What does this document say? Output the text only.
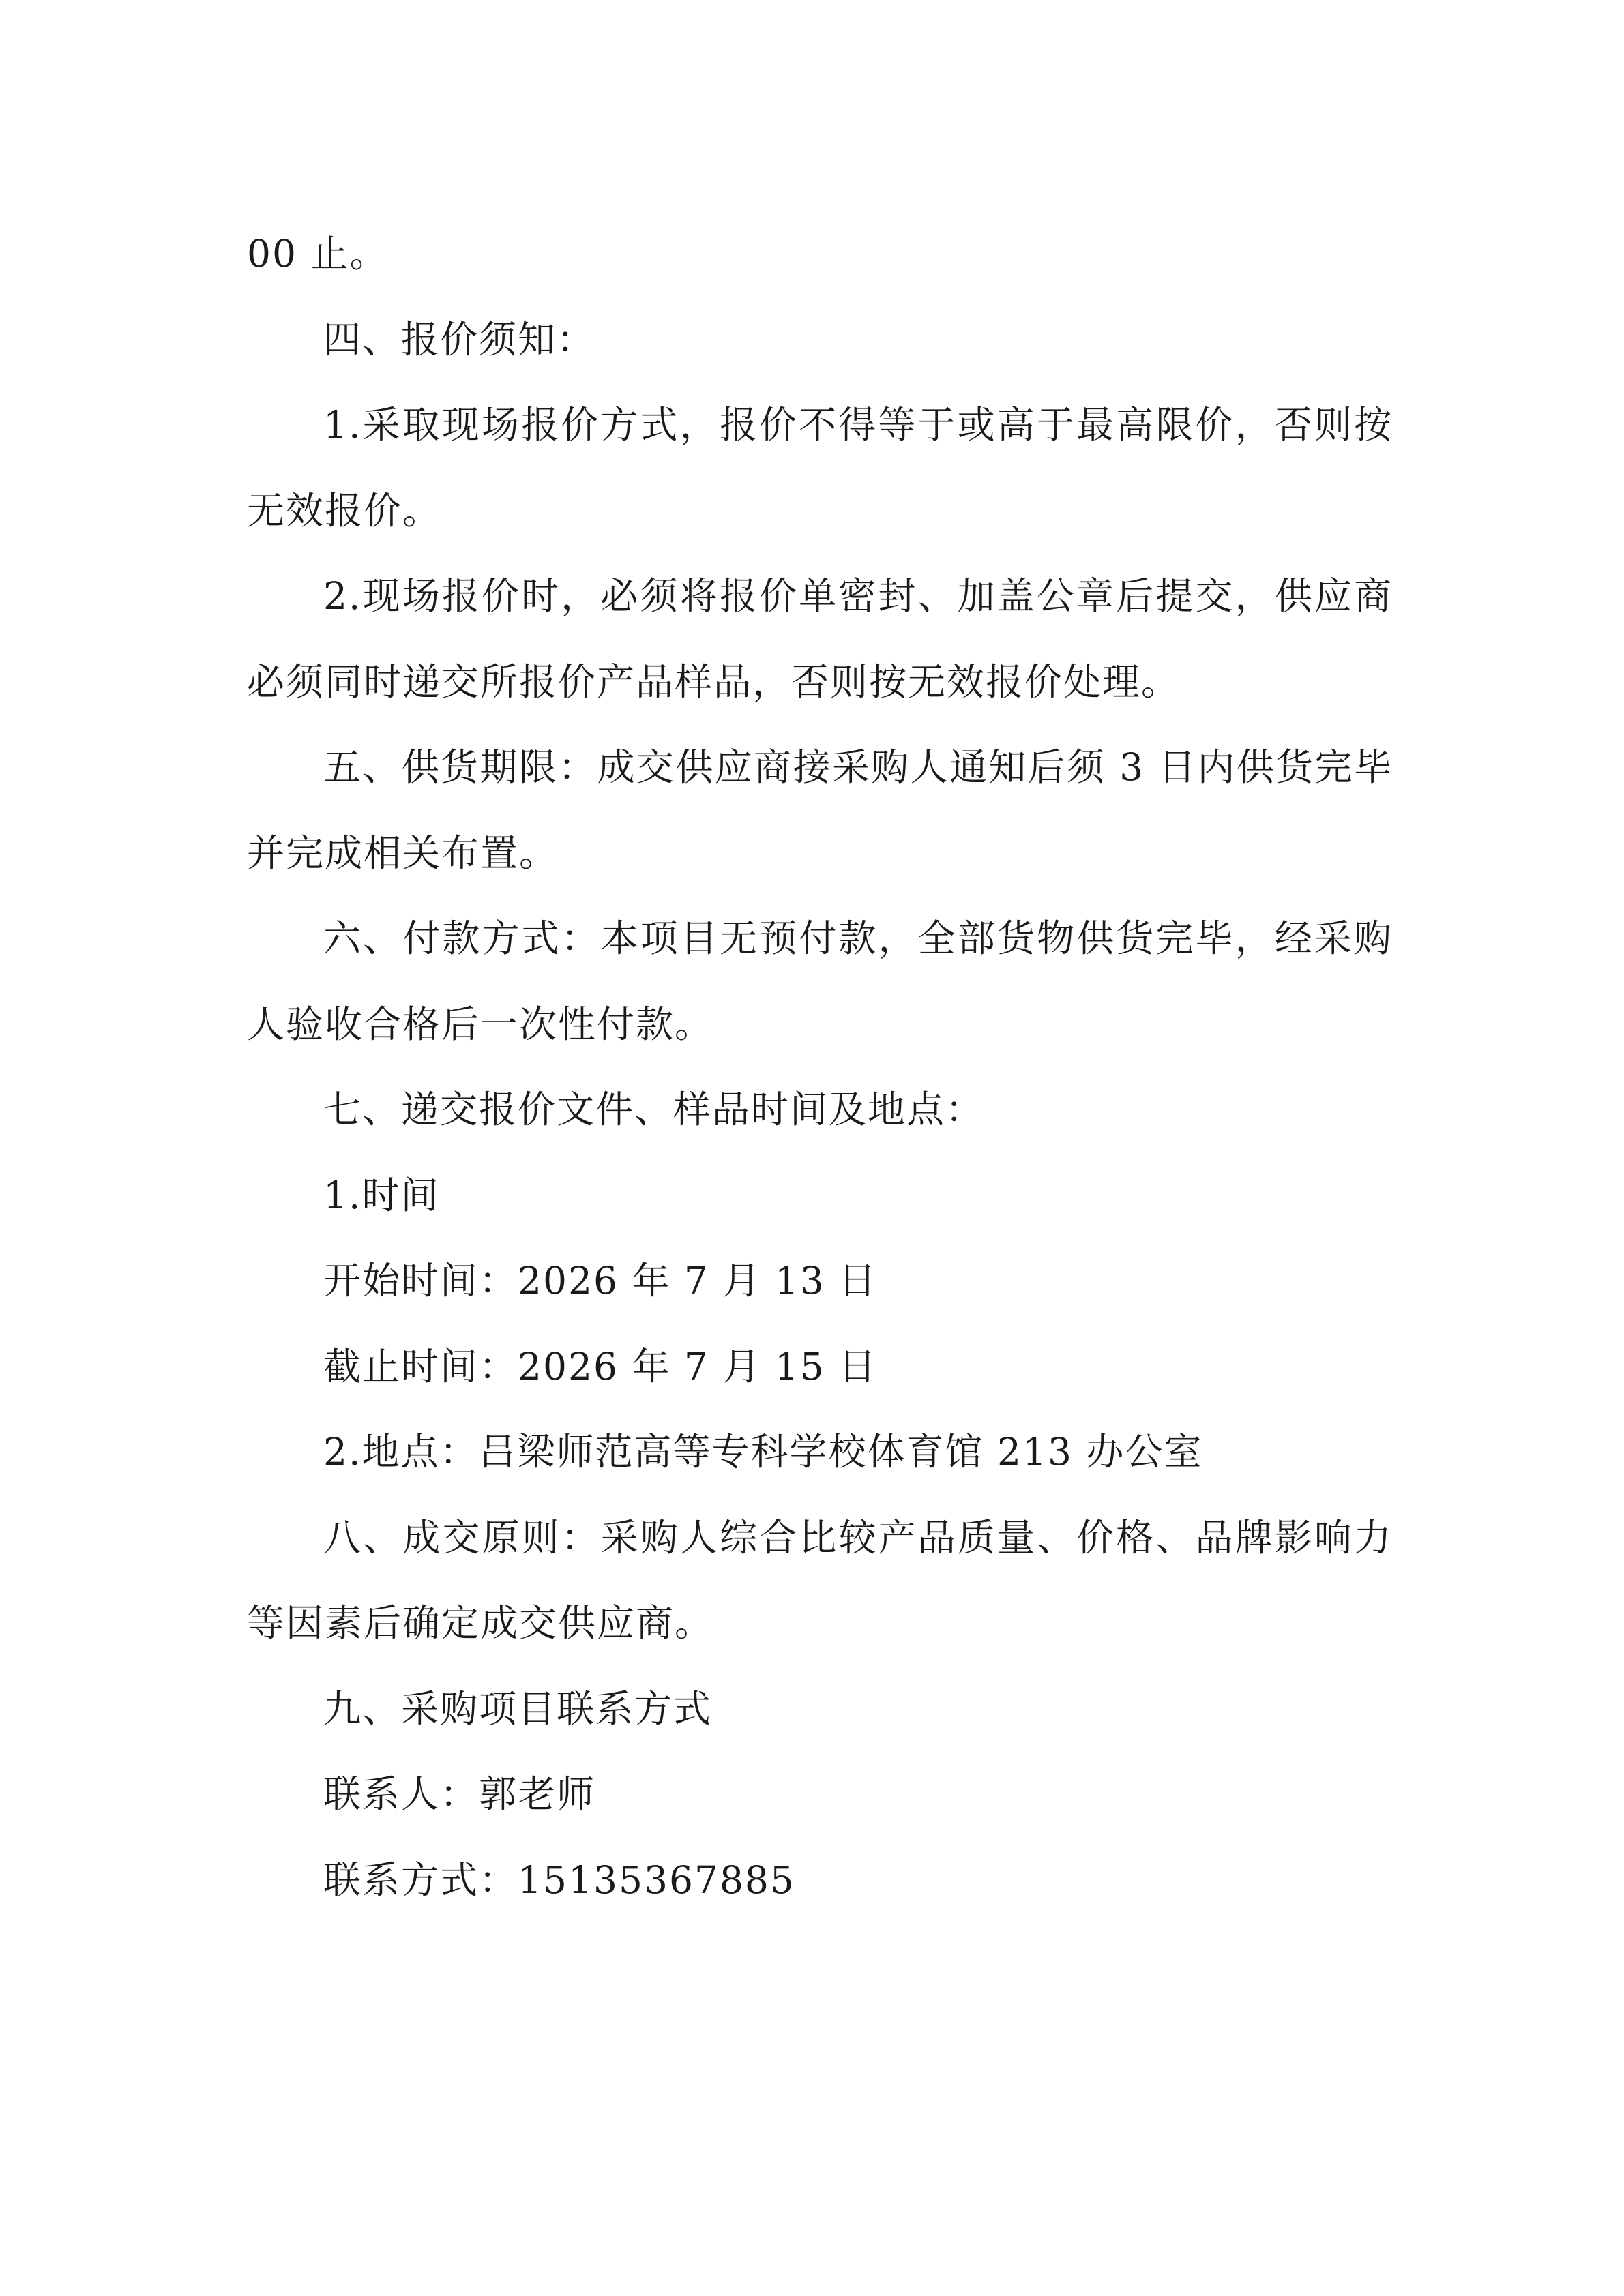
00 止。

四、报价须知：

1.采取现场报价方式，报价不得等于或高于最高限价，否则按无效报价。

2.现场报价时，必须将报价单密封、加盖公章后提交，供应商必须同时递交所报价产品样品，否则按无效报价处理。

五、供货期限：成交供应商接采购人通知后须 3 日内供货完毕并完成相关布置。

六、付款方式：本项目无预付款，全部货物供货完毕，经采购人验收合格后一次性付款。

七、递交报价文件、样品时间及地点：

1.时间

开始时间：2026 年 7 月 13 日

截止时间：2026 年 7 月 15 日

2.地点：吕梁师范高等专科学校体育馆 213 办公室

八、成交原则：采购人综合比较产品质量、价格、品牌影响力等因素后确定成交供应商。

九、采购项目联系方式

联系人：郭老师

联系方式：15135367885
